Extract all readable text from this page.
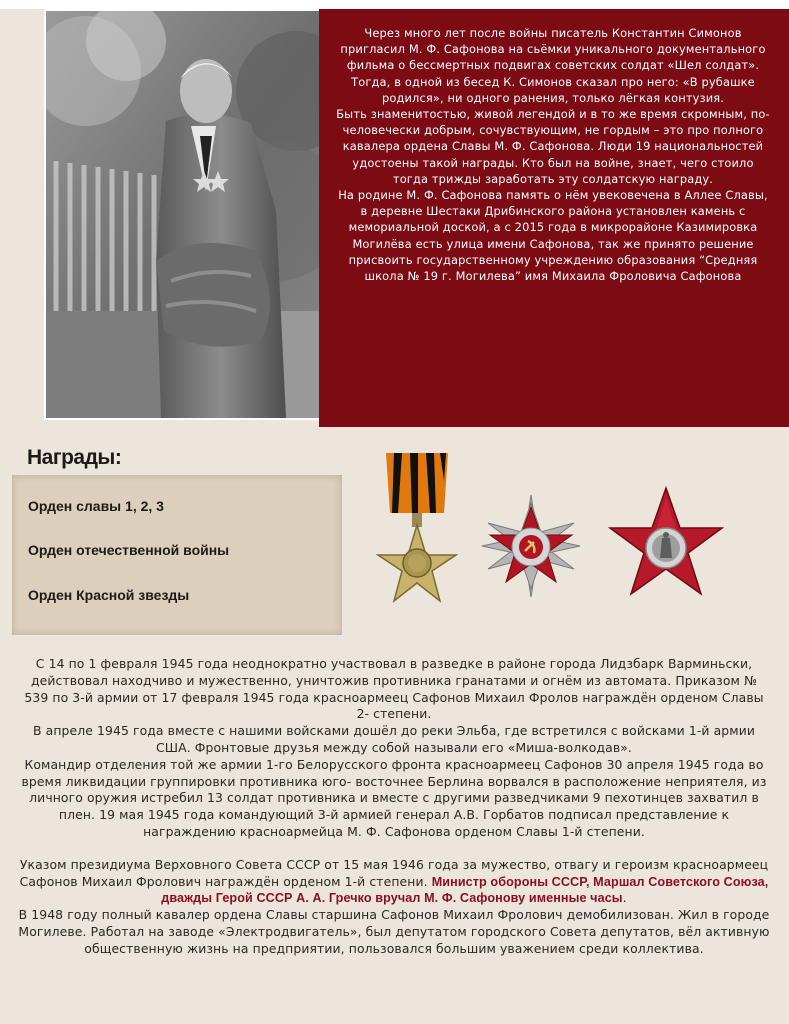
Через много лет после войны писатель Константин Симонов пригласил М. Ф. Сафонова на сьёмки уникального документального фильма о бессмертных подвигах советских солдат «Шел солдат». Тогда, в одной из бесед К. Симонов сказал про него: «В рубашке родился», ни одного ранения, только лёгкая контузия.
Быть знаменитостью, живой легендой и в то же время скромным, по- человечески добрым, сочувствующим, не гордым – это про полного кавалера ордена Славы М. Ф. Сафонова. Люди 19 национальностей удостоены такой награды. Кто был на войне, знает, чего стоило тогда трижды заработать эту солдатскую награду.
На родине М. Ф. Сафонова память о нём увековечена в Аллее Славы, в деревне Шестаки Дрибинского района установлен камень с мемориальной доской, а с 2015 года в микрорайоне Казимировка Могилёва есть улица имени Сафонова, так же принято решение присвоить государственному учреждению образования “Средняя школа № 19 г. Могилева” имя Михаила Фроловича Сафонова
Награды:
Орден славы 1, 2, 3
Орден отечественной войны
Орден Красной звезды

С 14 по 1 февраля 1945 года неоднократно участвовал в разведке в районе города Лидзбарк Варминьски, действовал находчиво и мужественно, уничтожив противника гранатами и огнём из автомата. Приказом № 539 по 3-й армии от 17 февраля 1945 года красноармеец Сафонов Михаил Фролов награждён орденом Славы 2- степени.

В апреле 1945 года вместе с нашими войсками дошёл до реки Эльба, где встретился с войсками 1-й армии США. Фронтовые друзья между собой называли его «Миша-волкодав».

Командир отделения той же армии 1-го Белорусского фронта красноармеец Сафонов 30 апреля 1945 года во время ликвидации группировки противника юго- восточнее Берлина ворвался в расположение неприятеля, из личного оружия истребил 13 солдат противника и вместе с другими разведчиками 9 пехотинцев захватил в плен. 19 мая 1945 года командующий 3-й армией генерал А.В. Горбатов подписал представление к награждению красноармейца М. Ф. Сафонова орденом Славы 1-й степени.

Указом президиума Верховного Совета СССР от 15 мая 1946 года за мужество, отвагу и героизм красноармеец Сафонов Михаил Фролович награждён орденом 1-й степени. Министр обороны СССР, Маршал Советского Союза, дважды Герой СССР А. А. Гречко вручал М. Ф. Сафонову именные часы.

В 1948 году полный кавалер ордена Славы старшина Сафонов Михаил Фролович демобилизован. Жил в городе Могилеве. Работал на заводе «Электродвигатель», был депутатом городского Совета депутатов, вёл активную общественную жизнь на предприятии, пользовался большим уважением среди коллектива.
